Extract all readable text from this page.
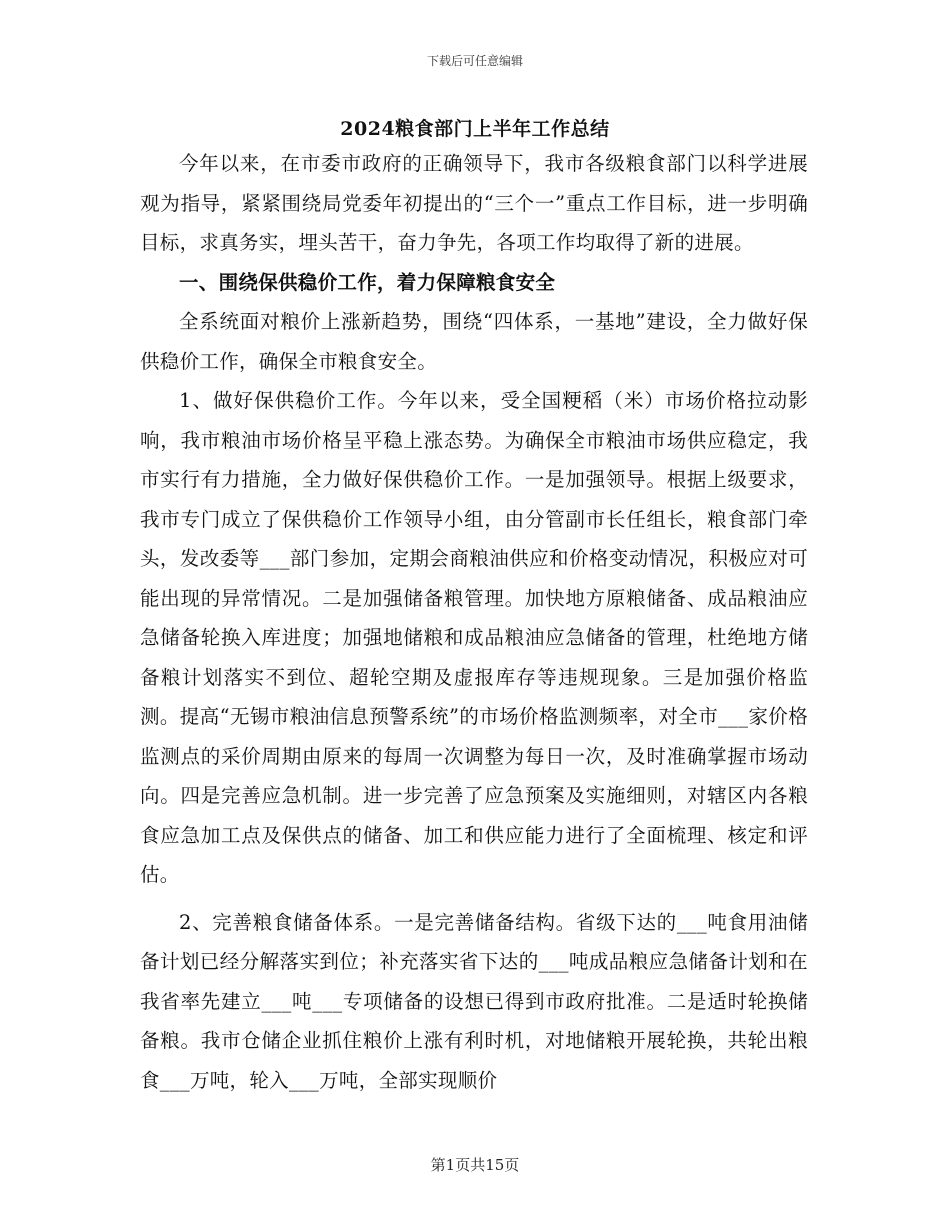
下载后可任意编辑
2024粮食部门上半年工作总结

今年以来，在市委市政府的正确领导下，我市各级粮食部门以科学进展观为指导，紧紧围绕局党委年初提出的“三个一”重点工作目标，进一步明确目标，求真务实，埋头苦干，奋力争先，各项工作均取得了新的进展。

一、围绕保供稳价工作，着力保障粮食安全

全系统面对粮价上涨新趋势，围绕“四体系，一基地”建设，全力做好保供稳价工作，确保全市粮食安全。

1、做好保供稳价工作。今年以来，受全国粳稻（米）市场价格拉动影响，我市粮油市场价格呈平稳上涨态势。为确保全市粮油市场供应稳定，我市实行有力措施，全力做好保供稳价工作。一是加强领导。根据上级要求，我市专门成立了保供稳价工作领导小组，由分管副市长任组长，粮食部门牵头，发改委等___部门参加，定期会商粮油供应和价格变动情况，积极应对可能出现的异常情况。二是加强储备粮管理。加快地方原粮储备、成品粮油应急储备轮换入库进度；加强地储粮和成品粮油应急储备的管理，杜绝地方储备粮计划落实不到位、超轮空期及虚报库存等违规现象。三是加强价格监测。提高“无锡市粮油信息预警系统”的市场价格监测频率，对全市___家价格监测点的采价周期由原来的每周一次调整为每日一次，及时准确掌握市场动向。四是完善应急机制。进一步完善了应急预案及实施细则，对辖区内各粮食应急加工点及保供点的储备、加工和供应能力进行了全面梳理、核定和评估。

2、完善粮食储备体系。一是完善储备结构。省级下达的___吨食用油储备计划已经分解落实到位；补充落实省下达的___吨成品粮应急储备计划和在我省率先建立___吨___专项储备的设想已得到市政府批准。二是适时轮换储备粮。我市仓储企业抓住粮价上涨有利时机，对地储粮开展轮换，共轮出粮食___万吨，轮入___万吨，全部实现顺价

第1页共15页
